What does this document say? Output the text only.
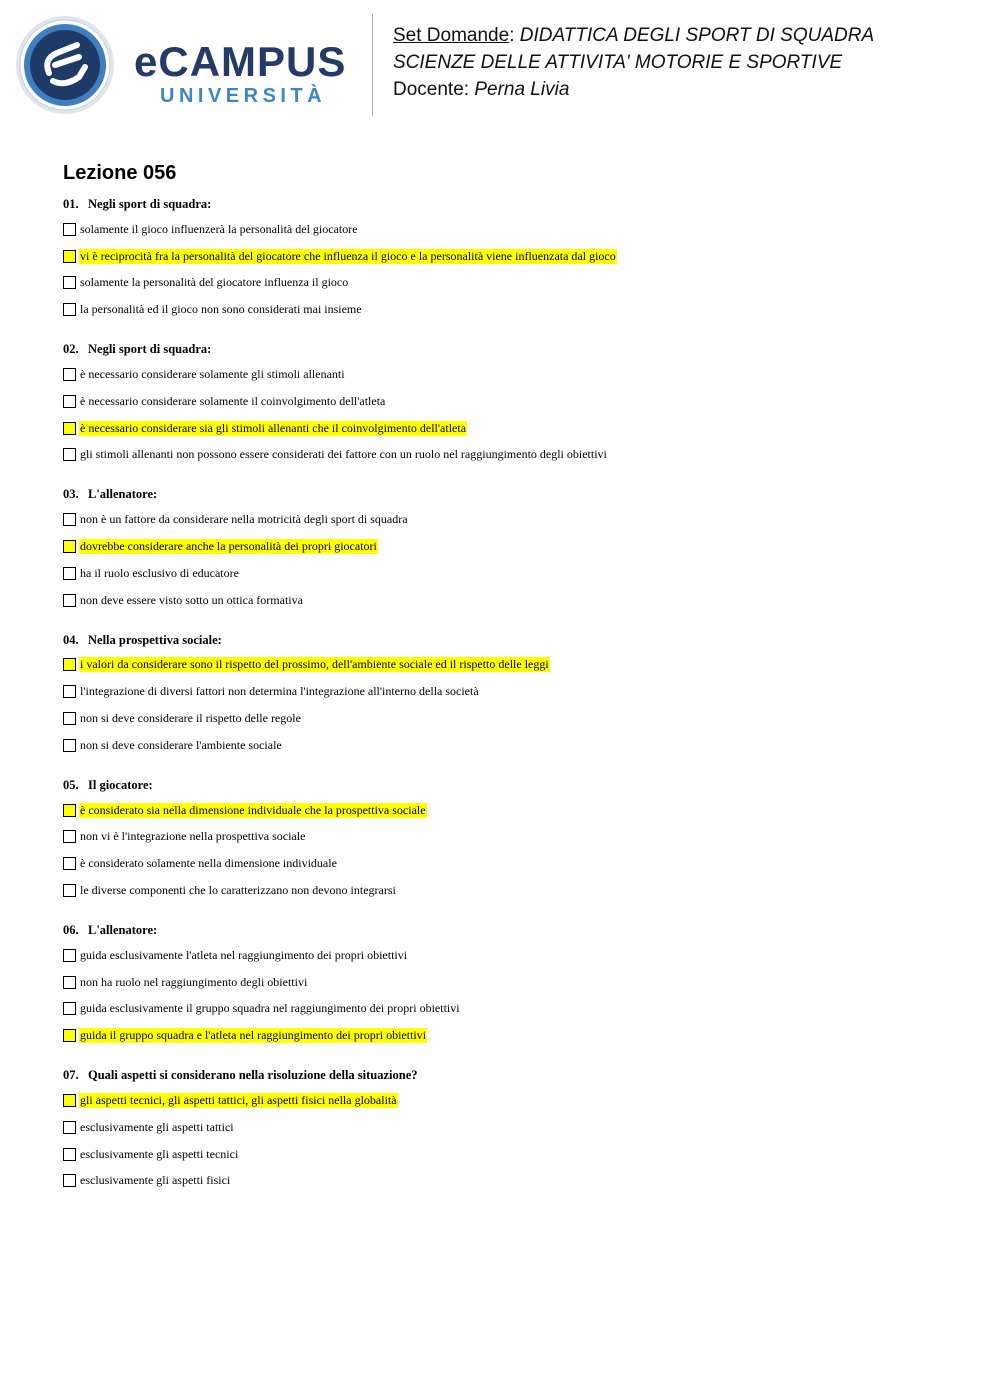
eCAMPUS
UNIVERSITÀ
Set Domande: DIDATTICA DEGLI SPORT DI SQUADRA
SCIENZE DELLE ATTIVITA' MOTORIE E SPORTIVE
Docente: Perna Livia
Lezione 056
01. Negli sport di squadra:
solamente il gioco influenzerà la personalità del giocatore
vi è reciprocità fra la personalità del giocatore che influenza il gioco e la personalità viene influenzata dal gioco
solamente la personalità del giocatore influenza il gioco
la personalità ed il gioco non sono considerati mai insieme
02. Negli sport di squadra:
è necessario considerare solamente gli stimoli allenanti
è necessario considerare solamente il coinvolgimento dell'atleta
è necessario considerare sia gli stimoli allenanti che il coinvolgimento dell'atleta
gli stimoli allenanti non possono essere considerati dei fattore con un ruolo nel raggiungimento degli obiettivi
03. L'allenatore:
non è un fattore da considerare nella motricità degli sport di squadra
dovrebbe considerare anche la personalità dei propri giocatori
ha il ruolo esclusivo di educatore
non deve essere visto sotto un ottica formativa
04. Nella prospettiva sociale:
i valori da considerare sono il rispetto del prossimo, dell'ambiente sociale ed il rispetto delle leggi
l'integrazione di diversi fattori non determina l'integrazione all'interno della società
non si deve considerare il rispetto delle regole
non si deve considerare l'ambiente sociale
05. Il giocatore:
è considerato sia nella dimensione individuale che la prospettiva sociale
non vi è l'integrazione nella prospettiva sociale
è considerato solamente nella dimensione individuale
le diverse componenti che lo caratterizzano non devono integrarsi
06. L'allenatore:
guida esclusivamente l'atleta nel raggiungimento dei propri obiettivi
non ha ruolo nel raggiungimento degli obiettivi
guida esclusivamente il gruppo squadra nel raggiungimento dei propri obiettivi
guida il gruppo squadra e l'atleta nel raggiungimento dei propri obiettivi
07. Quali aspetti si considerano nella risoluzione della situazione?
gli aspetti tecnici, gli aspetti tattici, gli aspetti fisici nella globalità
esclusivamente gli aspetti tattici
esclusivamente gli aspetti tecnici
esclusivamente gli aspetti fisici
